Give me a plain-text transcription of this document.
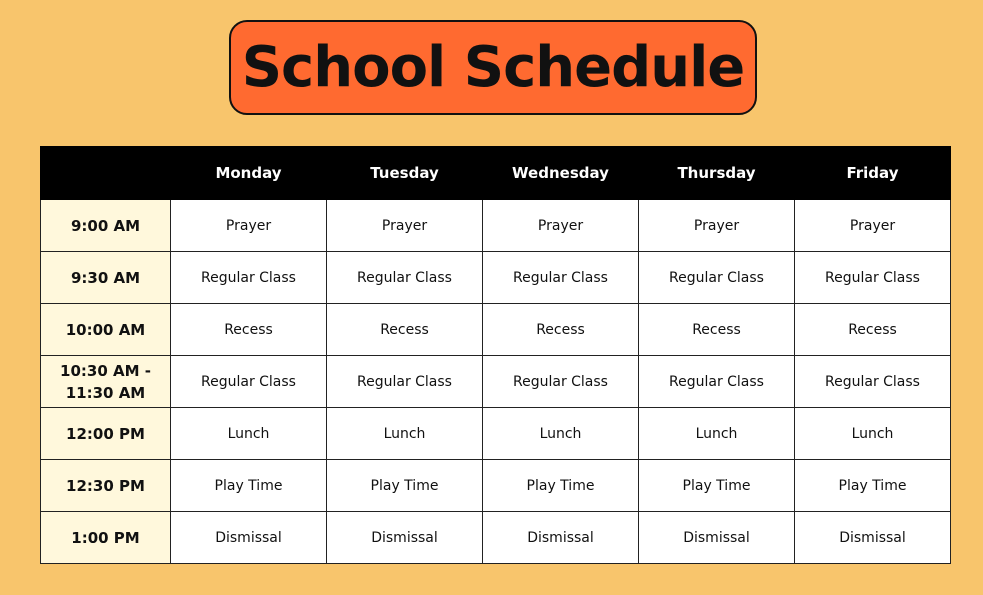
School Schedule
	Monday	Tuesday	Wednesday	Thursday	Friday
9:00 AM	Prayer	Prayer	Prayer	Prayer	Prayer
9:30 AM	Regular Class	Regular Class	Regular Class	Regular Class	Regular Class
10:00 AM	Recess	Recess	Recess	Recess	Recess
10:30 AM - 11:30 AM	Regular Class	Regular Class	Regular Class	Regular Class	Regular Class
12:00 PM	Lunch	Lunch	Lunch	Lunch	Lunch
12:30 PM	Play Time	Play Time	Play Time	Play Time	Play Time
1:00 PM	Dismissal	Dismissal	Dismissal	Dismissal	Dismissal
